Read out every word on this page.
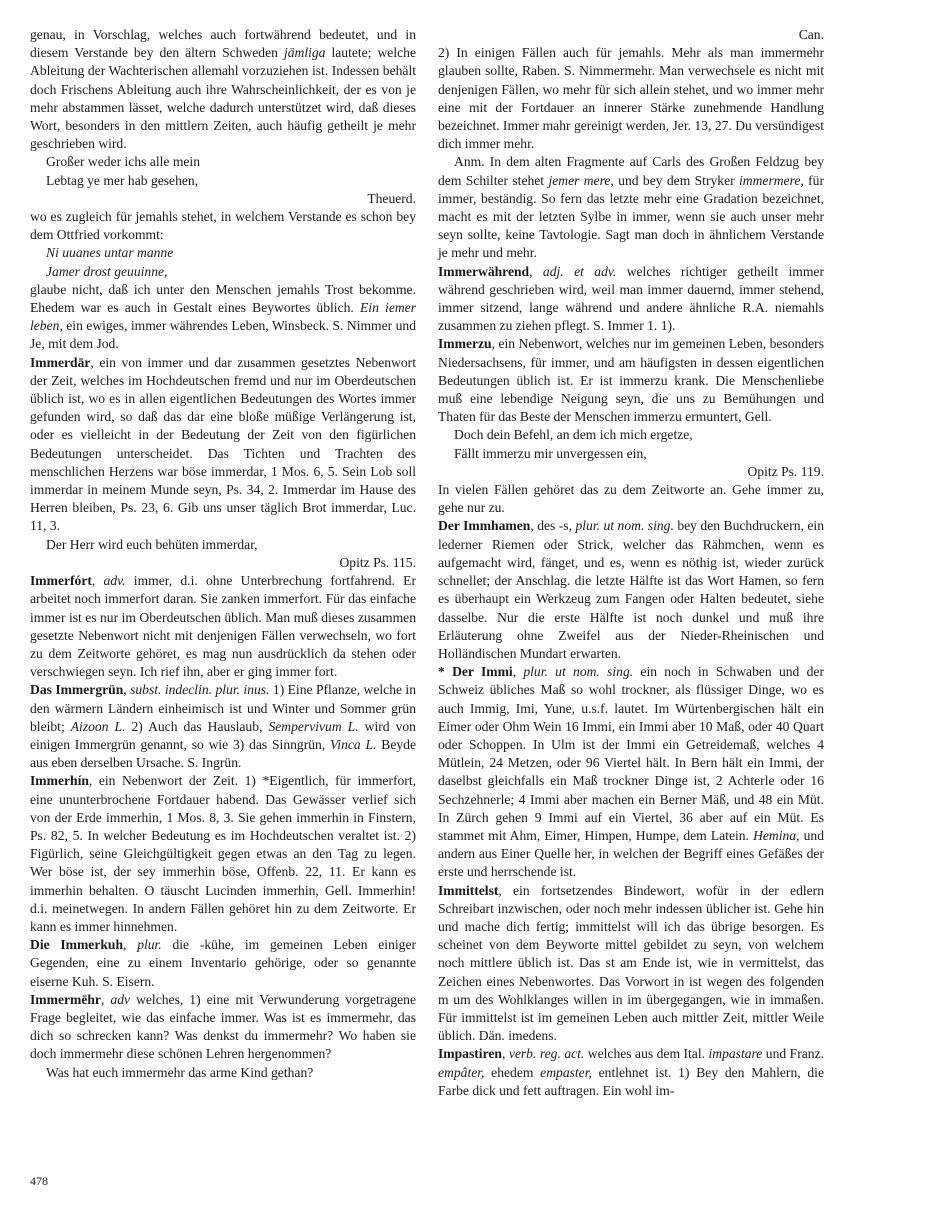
genau, in Vorschlag, welches auch fortwährend bedeutet, und in diesem Verstande bey den ältern Schweden jämliga lautete; welche Ableitung der Wachterischen allemahl vorzuziehen ist. Indessen behält doch Frischens Ableitung auch ihre Wahrscheinlichkeit, der es von je mehr abstammen lässet, welche dadurch unterstützet wird, daß dieses Wort, besonders in den mittlern Zeiten, auch häufig getheilt je mehr geschrieben wird.

Großer weder ichs alle mein

Lebtag ye mer hab gesehen,

Theuerd.

wo es zugleich für jemahls stehet, in welchem Verstande es schon bey dem Ottfried vorkommt:

Ni uuanes untar manne

Jamer drost geuuinne,

glaube nicht, daß ich unter den Menschen jemahls Trost bekomme. Ehedem war es auch in Gestalt eines Beywortes üblich. Ein iemer leben, ein ewiges, immer währendes Leben, Winsbeck. S. Nimmer und Je, mit dem Jod.

Immerdār, ein von immer und dar zusammen gesetztes Nebenwort der Zeit, welches im Hochdeutschen fremd und nur im Oberdeutschen üblich ist, wo es in allen eigentlichen Bedeutungen des Wortes immer gefunden wird, so daß das dar eine bloße müßige Verlängerung ist, oder es vielleicht in der Bedeutung der Zeit von den figürlichen Bedeutungen unterscheidet. Das Tichten und Trachten des menschlichen Herzens war böse immerdar, 1 Mos. 6, 5. Sein Lob soll immerdar in meinem Munde seyn, Ps. 34, 2. Immerdar im Hause des Herren bleiben, Ps. 23, 6. Gib uns unser täglich Brot immerdar, Luc. 11, 3.

Der Herr wird euch behüten immerdar,

Opitz Ps. 115.

Immerfórt, adv. immer, d.i. ohne Unterbrechung fortfahrend. Er arbeitet noch immerfort daran. Sie zanken immerfort. Für das einfache immer ist es nur im Oberdeutschen üblich. Man muß dieses zusammen gesetzte Nebenwort nicht mit denjenigen Fällen verwechseln, wo fort zu dem Zeitworte gehöret, es mag nun ausdrücklich da stehen oder verschwiegen seyn. Ich rief ihn, aber er ging immer fort.

Das Immergrün, subst. indeclin. plur. inus. 1) Eine Pflanze, welche in den wärmern Ländern einheimisch ist und Winter und Sommer grün bleibt; Aizoon L. 2) Auch das Hauslaub, Sempervivum L. wird von einigen Immergrün genannt, so wie 3) das Sinngrün, Vinca L. Beyde aus eben derselben Ursache. S. Ingrün.

Immerhín, ein Nebenwort der Zeit. 1) *Eigentlich, für immerfort, eine ununterbrochene Fortdauer habend. Das Gewässer verlief sich von der Erde immerhin, 1 Mos. 8, 3. Sie gehen immerhin in Finstern, Ps. 82, 5. In welcher Bedeutung es im Hochdeutschen veraltet ist. 2) Figürlich, seine Gleichgültigkeit gegen etwas an den Tag zu legen. Wer böse ist, der sey immerhin böse, Offenb. 22, 11. Er kann es immerhin behalten. O täuscht Lucinden immerhin, Gell. Immerhin! d.i. meinetwegen. In andern Fällen gehöret hin zu dem Zeitworte. Er kann es immer hinnehmen.

Die Immerkuh, plur. die -kühe, im gemeinen Leben einiger Gegenden, eine zu einem Inventario gehörige, oder so genannte eiserne Kuh. S. Eisern.

Immermēhr, adv welches, 1) eine mit Verwunderung vorgetragene Frage begleitet, wie das einfache immer. Was ist es immermehr, das dich so schrecken kann? Was denkst du immermehr? Wo haben sie doch immermehr diese schönen Lehren hergenommen?

Was hat euch immermehr das arme Kind gethan?

Can.

2) In einigen Fällen auch für jemahls. Mehr als man immermehr glauben sollte, Raben. S. Nimmermehr. Man verwechsele es nicht mit denjenigen Fällen, wo mehr für sich allein stehet, und wo immer mehr eine mit der Fortdauer an innerer Stärke zunehmende Handlung bezeichnet. Immer mahr gereinigt werden, Jer. 13, 27. Du versündigest dich immer mehr.

Anm. In dem alten Fragmente auf Carls des Großen Feldzug bey dem Schilter stehet jemer mere, und bey dem Stryker immermere, für immer, beständig. So fern das letzte mehr eine Gradation bezeichnet, macht es mit der letzten Sylbe in immer, wenn sie auch unser mehr seyn sollte, keine Tavtologie. Sagt man doch in ähnlichem Verstande je mehr und mehr.

Immerwährend, adj. et adv. welches richtiger getheilt immer während geschrieben wird, weil man immer dauernd, immer stehend, immer sitzend, lange während und andere ähnliche R.A. niemahls zusammen zu ziehen pflegt. S. Immer 1. 1).

Immerzu, ein Nebenwort, welches nur im gemeinen Leben, besonders Niedersachsens, für immer, und am häufigsten in dessen eigentlichen Bedeutungen üblich ist. Er ist immerzu krank. Die Menschenliebe muß eine lebendige Neigung seyn, die uns zu Bemühungen und Thaten für das Beste der Menschen immerzu ermuntert, Gell.

Doch dein Befehl, an dem ich mich ergetze,

Fällt immerzu mir unvergessen ein,

Opitz Ps. 119.

In vielen Fällen gehöret das zu dem Zeitworte an. Gehe immer zu, gehe nur zu.

Der Immhamen, des -s, plur. ut nom. sing. bey den Buchdruckern, ein lederner Riemen oder Strick, welcher das Rähmchen, wenn es aufgemacht wird, fänget, und es, wenn es nöthig ist, wieder zurück schnellet; der Anschlag. die letzte Hälfte ist das Wort Hamen, so fern es überhaupt ein Werkzeug zum Fangen oder Halten bedeutet, siehe dasselbe. Nur die erste Hälfte ist noch dunkel und muß ihre Erläuterung ohne Zweifel aus der Nieder-Rheinischen und Holländischen Mundart erwarten.

* Der Immi, plur. ut nom. sing. ein noch in Schwaben und der Schweiz übliches Maß so wohl trockner, als flüssiger Dinge, wo es auch Immig, Imi, Yune, u.s.f. lautet. Im Würtenbergischen hält ein Eimer oder Ohm Wein 16 Immi, ein Immi aber 10 Maß, oder 40 Quart oder Schoppen. In Ulm ist der Immi ein Getreidemaß, welches 4 Mütlein, 24 Metzen, oder 96 Viertel hält. In Bern hält ein Immi, der daselbst gleichfalls ein Maß trockner Dinge ist, 2 Achterle oder 16 Sechzehnerle; 4 Immi aber machen ein Berner Mäß, und 48 ein Müt. In Zürch gehen 9 Immi auf ein Viertel, 36 aber auf ein Müt. Es stammet mit Ahm, Eimer, Himpen, Humpe, dem Latein. Hemina, und andern aus Einer Quelle her, in welchen der Begriff eines Gefäßes der erste und herrschende ist.

Immittelst, ein fortsetzendes Bindewort, wofür in der edlern Schreibart inzwischen, oder noch mehr indessen üblicher ist. Gehe hin und mache dich fertig; immittelst will ich das übrige besorgen. Es scheinet von dem Beyworte mittel gebildet zu seyn, von welchem noch mittlere üblich ist. Das st am Ende ist, wie in vermittelst, das Zeichen eines Nebenwortes. Das Vorwort in ist wegen des folgenden m um des Wohlklanges willen in im übergegangen, wie in immaßen. Für immittelst ist im gemeinen Leben auch mittler Zeit, mittler Weile üblich. Dän. imedens.

Impastiren, verb. reg. act. welches aus dem Ital. impastare und Franz. empâter, ehedem empaster, entlehnet ist. 1) Bey den Mahlern, die Farbe dick und fett auftragen. Ein wohl im-

478
